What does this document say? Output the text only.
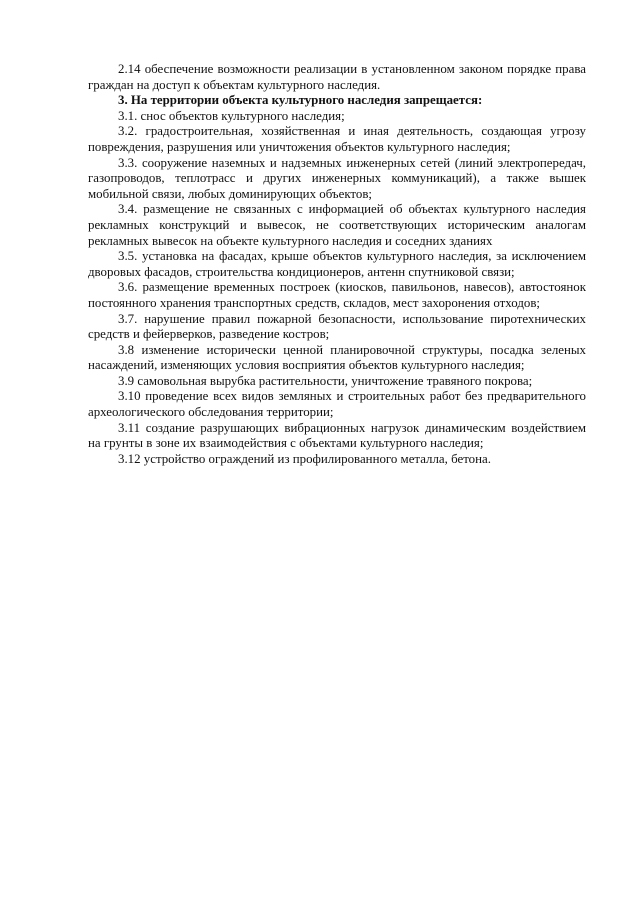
2.14 обеспечение возможности реализации в установленном законом порядке права граждан на доступ к объектам культурного наследия.

3. На территории объекта культурного наследия запрещается:

3.1. снос объектов культурного наследия;

3.2. градостроительная, хозяйственная и иная деятельность, создающая угрозу повреждения, разрушения или уничтожения объектов культурного наследия;

3.3. сооружение наземных и надземных инженерных сетей (линий электропередач, газопроводов, теплотрасс и других инженерных коммуникаций), а также вышек мобильной связи, любых доминирующих объектов;

3.4. размещение не связанных с информацией об объектах культурного наследия рекламных конструкций и вывесок, не соответствующих историческим аналогам рекламных вывесок на объекте культурного наследия и соседних зданиях

3.5. установка на фасадах, крыше объектов культурного наследия, за исключением дворовых фасадов, строительства кондиционеров, антенн спутниковой связи;

3.6. размещение временных построек (киосков, павильонов, навесов), автостоянок постоянного хранения транспортных средств, складов, мест захоронения отходов;

3.7. нарушение правил пожарной безопасности, использование пиротехнических средств и фейерверков, разведение костров;

3.8 изменение исторически ценной планировочной структуры, посадка зеленых насаждений, изменяющих условия восприятия объектов культурного наследия;

3.9 самовольная вырубка растительности, уничтожение травяного покрова;

3.10 проведение всех видов земляных и строительных работ без предварительного археологического обследования территории;

3.11 создание разрушающих вибрационных нагрузок динамическим воздействием на грунты в зоне их взаимодействия с объектами культурного наследия;

3.12 устройство ограждений из профилированного металла, бетона.
